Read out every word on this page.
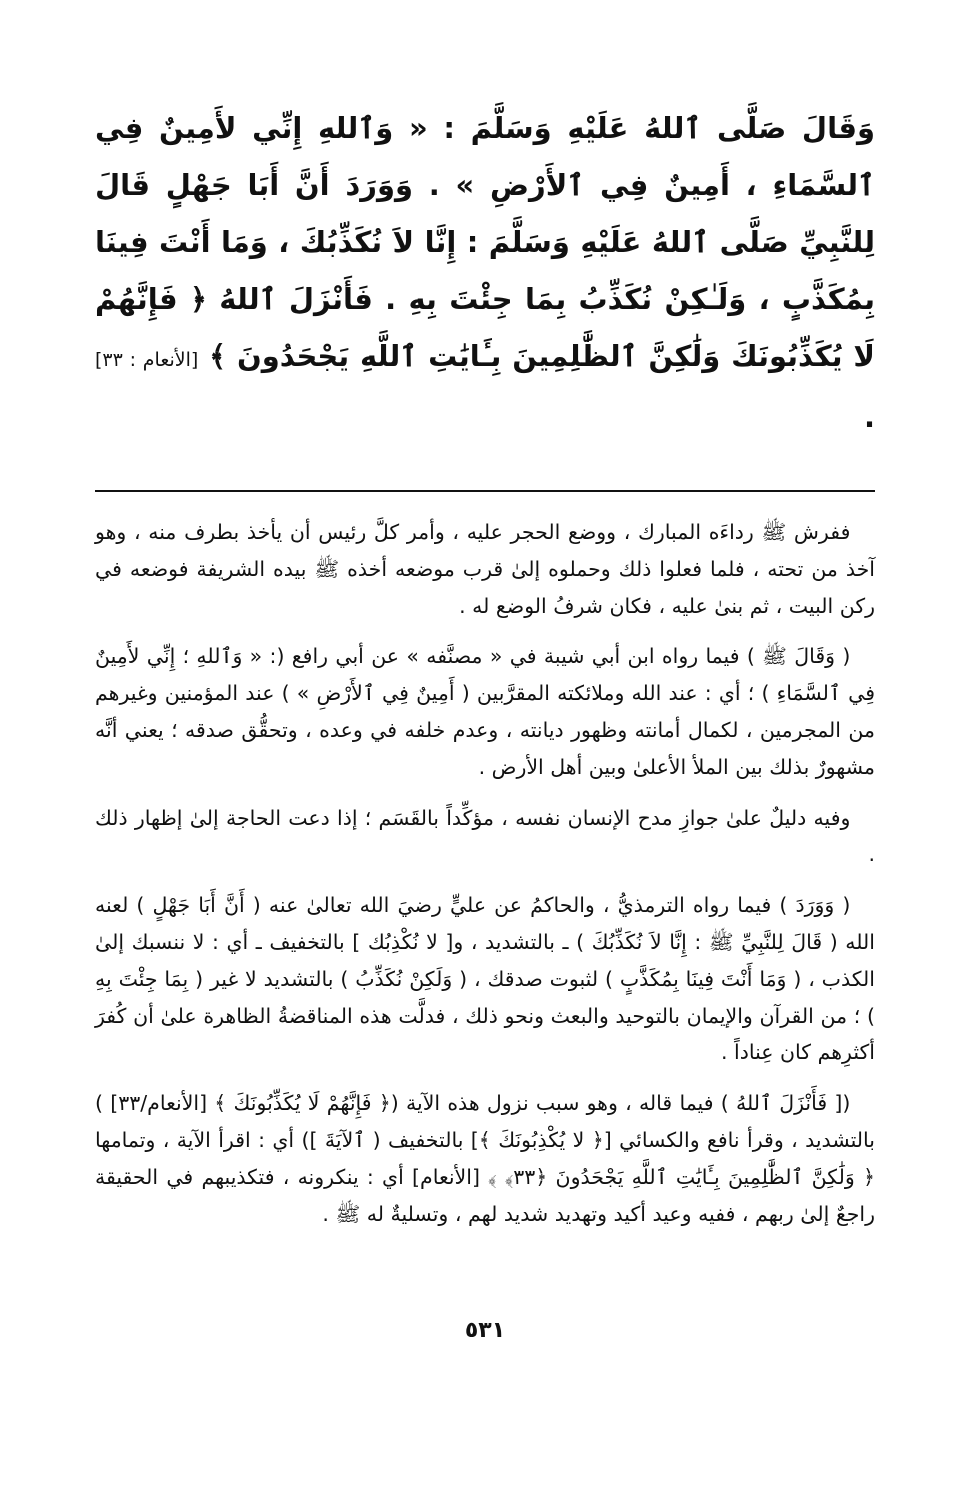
وَقَالَ صَلَّى ٱللهُ عَلَيْهِ وَسَلَّمَ : « وَٱللهِ إِنِّي لأَمِينٌ فِي ٱلسَّمَاءِ ، أَمِينٌ فِي ٱلأَرْضِ » . وَوَرَدَ أَنَّ أَبَا جَهْلٍ قَالَ لِلنَّبِيِّ صَلَّى ٱللهُ عَلَيْهِ وَسَلَّمَ : إِنَّا لاَ نُكَذِّبُكَ ، وَمَا أَنْتَ فِينَا بِمُكَذَّبٍ ، وَلَـٰكِنْ نُكَذِّبُ بِمَا جِئْتَ بِهِ . فَأَنْزَلَ ٱللهُ ﴿ فَإِنَّهُمْ لَا يُكَذِّبُونَكَ وَلَٰكِنَّ ٱلظَّٰلِمِينَ بِـَٔايَٰتِ ٱللَّهِ يَجْحَدُونَ ﴾ [الأنعام : ٣٣] .

ففرش ﷺ رداءَه المبارك ، ووضع الحجر عليه ، وأمر كلَّ رئيس أن يأخذ بطرف منه ، وهو آخذ من تحته ، فلما فعلوا ذلك وحملوه إلىٰ قرب موضعه أخذه ﷺ بيده الشريفة فوضعه في ركن البيت ، ثم بنىٰ عليه ، فكان شرفُ الوضع له .

( وَقَالَ ﷺ ) فيما رواه ابن أبي شيبة في « مصنَّفه » عن أبي رافع (: « وَٱللهِ ؛ إِنِّي لأَمِينٌ فِي ٱلسَّمَاءِ ) ؛ أي : عند الله وملائكته المقرَّبين ( أَمِينٌ فِي ٱلأَرْضِ » ) عند المؤمنين وغيرهم من المجرمين ، لكمال أمانته وظهور ديانته ، وعدم خلفه في وعده ، وتحقُّق صدقه ؛ يعني أنَّه مشهورٌ بذلك بين الملأ الأعلىٰ وبين أهل الأرض .

وفيه دليلٌ علىٰ جوازِ مدح الإنسان نفسه ، مؤكِّداً بالقَسَم ؛ إذا دعت الحاجة إلىٰ إظهار ذلك .

( وَوَرَدَ ) فيما رواه الترمذيُّ ، والحاكمُ عن عليٍّ رضيَ الله تعالىٰ عنه ( أَنَّ أَبَا جَهْلٍ ) لعنه الله ( قَالَ لِلنَّبِيِّ ﷺ : إِنَّا لاَ نُكَذِّبُكَ ) ـ بالتشديد ، و[ لا نُكْذِبُك ] بالتخفيف ـ أي : لا ننسبك إلىٰ الكذب ، ( وَمَا أَنْتَ فِينَا بِمُكَذَّبٍ ) لثبوت صدقك ، ( وَلَكِنْ نُكَذِّبُ ) بالتشديد لا غير ( بِمَا جِئْتَ بِهِ ) ؛ من القرآن والإيمان بالتوحيد والبعث ونحو ذلك ، فدلَّت هذه المناقضةُ الظاهرة علىٰ أن كُفرَ أكثرِهم كان عِناداً .

([ فَأَنْزَلَ ٱللهُ ) فيما قاله ، وهو سبب نزول هذه الآية (﴿ فَإِنَّهُمْ لَا يُكَذِّبُونَكَ ﴾ [الأنعام/٣٣] ) بالتشديد ، وقرأ نافع والكسائي [﴿ لا يُكْذِبُونَكَ ﴾] بالتخفيف ( ٱلآيَةَ ]) أي : اقرأ الآية ، وتمامها ﴿ وَلَٰكِنَّ ٱلظَّٰلِمِينَ بِـَٔايَٰتِ ٱللَّهِ يَجْحَدُونَ ﴿٣٣﴾ ﴾ [الأنعام] أي : ينكرونه ، فتكذيبهم في الحقيقة راجعٌ إلىٰ ربهم ، ففيه وعيد أكيد وتهديد شديد لهم ، وتسليةٌ له ﷺ .

٥٣١
